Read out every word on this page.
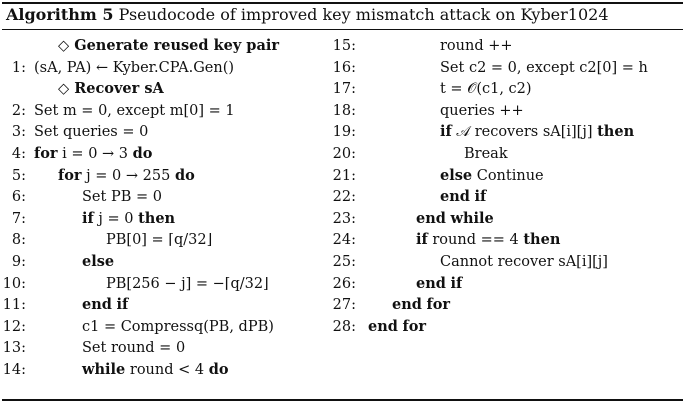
Algorithm 5 Pseudocode of improved key mismatch attack on Kyber1024
◇ Generate reused key pair
1: (sA, PA) ← Kyber.CPA.Gen()
◇ Recover sA
2: Set m = 0, except m[0] = 1
3: Set queries = 0
4: for i = 0 → 3 do
5: for j = 0 → 255 do
6:	Set PB = 0
7:	if j = 0 then
8:	PB[0] = ⌈q/32⌋
9:	else
10:	PB[256 − j] = −⌈q/32⌋
11:	end if
12:	c1 = Compressq(PB, dPB)
13:	Set round = 0
14:	while round < 4 do
15:	round ++
16:	Set c2 = 0, except c2[0] = h
17:	t = 𝒪(c1, c2)
18:	queries ++
19:	if 𝒜 recovers sA[i][j] then
20:	Break
21:	else Continue
22:	end if
23:	end while
24:	if round == 4 then
25:	Cannot recover sA[i][j]
26:	end if
27: end for
28: end for
